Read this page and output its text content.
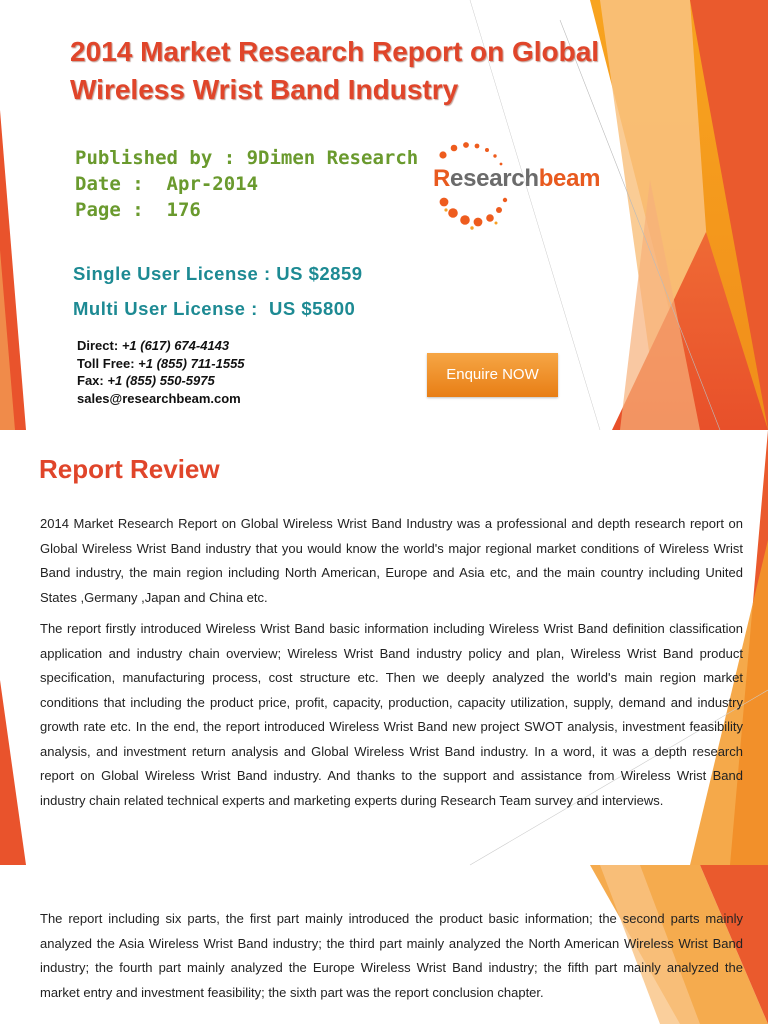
2014 Market Research Report on Global Wireless Wrist Band Industry
Published by : 9Dimen Research
Date : Apr-2014
Page : 176
Researchbeam
Single User License : US $2859
Multi User License : US $5800
Direct: +1 (617) 674-4143
Toll Free: +1 (855) 711-1555
Fax: +1 (855) 550-5975
sales@researchbeam.com
Enquire NOW
Report Review

2014 Market Research Report on Global Wireless Wrist Band Industry was a professional and depth research report on Global Wireless Wrist Band industry that you would know the world's major regional market conditions of Wireless Wrist Band industry, the main region including North American, Europe and Asia etc, and the main country including United States ,Germany ,Japan and China etc.

The report firstly introduced Wireless Wrist Band basic information including Wireless Wrist Band definition classification application and industry chain overview; Wireless Wrist Band industry policy and plan, Wireless Wrist Band product specification, manufacturing process, cost structure etc. Then we deeply analyzed the world's main region market conditions that including the product price, profit, capacity, production, capacity utilization, supply, demand and industry growth rate etc. In the end, the report introduced Wireless Wrist Band new project SWOT analysis, investment feasibility analysis, and investment return analysis and Global Wireless Wrist Band industry. In a word, it was a depth research report on Global Wireless Wrist Band industry. And thanks to the support and assistance from Wireless Wrist Band industry chain related technical experts and marketing experts during Research Team survey and interviews.

The report including six parts, the first part mainly introduced the product basic information; the second parts mainly analyzed the Asia Wireless Wrist Band industry; the third part mainly analyzed the North American Wireless Wrist Band industry; the fourth part mainly analyzed the Europe Wireless Wrist Band industry; the fifth part mainly analyzed the market entry and investment feasibility; the sixth part was the report conclusion chapter.
